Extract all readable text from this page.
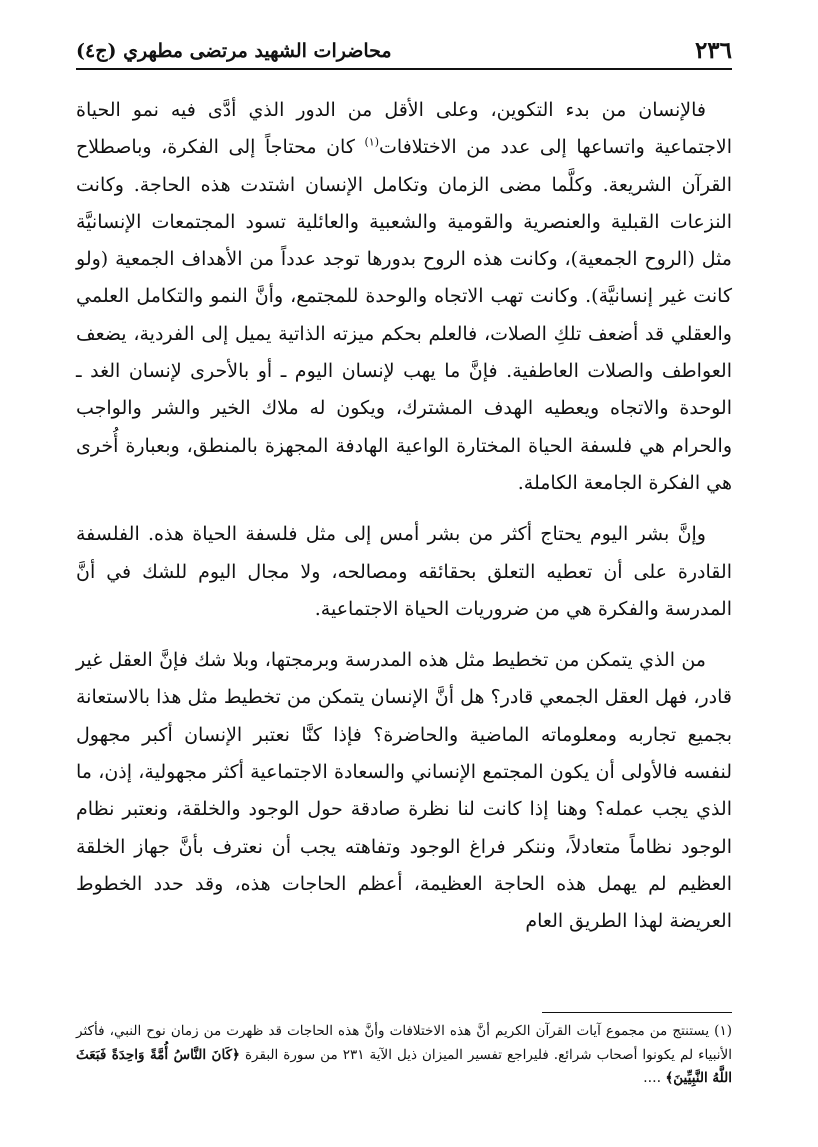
٢٣٦
محاضرات الشهيد مرتضى مطهري (ج٤)

فالإنسان من بدء التكوين، وعلى الأقل من الدور الذي أدَّى فيه نمو الحياة الاجتماعية واتساعها إلى عدد من الاختلافات$^{(١)}$ كان محتاجاً إلى الفكرة، وباصطلاح القرآن الشريعة. وكلَّما مضى الزمان وتكامل الإنسان اشتدت هذه الحاجة. وكانت النزعات القبلية والعنصرية والقومية والشعبية والعائلية تسود المجتمعات الإنسانيَّة مثل (الروح الجمعية)، وكانت هذه الروح بدورها توجد عدداً من الأهداف الجمعية (ولو كانت غير إنسانيَّة). وكانت تهب الاتجاه والوحدة للمجتمع، وأنَّ النمو والتكامل العلمي والعقلي قد أضعف تلكِ الصلات، فالعلم بحكم ميزته الذاتية يميل إلى الفردية، يضعف العواطف والصلات العاطفية. فإنَّ ما يهب لإنسان اليوم ـ أو بالأحرى لإنسان الغد ـ الوحدة والاتجاه ويعطيه الهدف المشترك، ويكون له ملاك الخير والشر والواجب والحرام هي فلسفة الحياة المختارة الواعية الهادفة المجهزة بالمنطق، وبعبارة أُخرى هي الفكرة الجامعة الكاملة.

وإنَّ بشر اليوم يحتاج أكثر من بشر أمس إلى مثل فلسفة الحياة هذه. الفلسفة القادرة على أن تعطيه التعلق بحقائقه ومصالحه، ولا مجال اليوم للشك في أنَّ المدرسة والفكرة هي من ضروريات الحياة الاجتماعية.

من الذي يتمكن من تخطيط مثل هذه المدرسة وبرمجتها، وبلا شك فإنَّ العقل غير قادر، فهل العقل الجمعي قادر؟ هل أنَّ الإنسان يتمكن من تخطيط مثل هذا بالاستعانة بجميع تجاربه ومعلوماته الماضية والحاضرة؟ فإذا كنَّا نعتبر الإنسان أكبر مجهول لنفسه فالأولى أن يكون المجتمع الإنساني والسعادة الاجتماعية أكثر مجهولية، إذن، ما الذي يجب عمله؟ وهنا إذا كانت لنا نظرة صادقة حول الوجود والخلقة، ونعتبر نظام الوجود نظاماً متعادلاً، وننكر فراغ الوجود وتفاهته يجب أن نعترف بأنَّ جهاز الخلقة العظيم لم يهمل هذه الحاجة العظيمة، أعظم الحاجات هذه، وقد حدد الخطوط العريضة لهذا الطريق العام

(١) يستنتج من مجموع آيات القرآن الكريم أنَّ هذه الاختلافات وأنَّ هذه الحاجات قد ظهرت من زمان نوح النبي، فأكثر الأنبياء لم يكونوا أصحاب شرائع. فليراجع تفسير الميزان ذيل الآية ٢٣١ من سورة البقرة ﴿كَانَ النَّاسُ أُمَّةً وَاحِدَةً فَبَعَثَ اللَّهُ النَّبِيِّينَ﴾ ….
